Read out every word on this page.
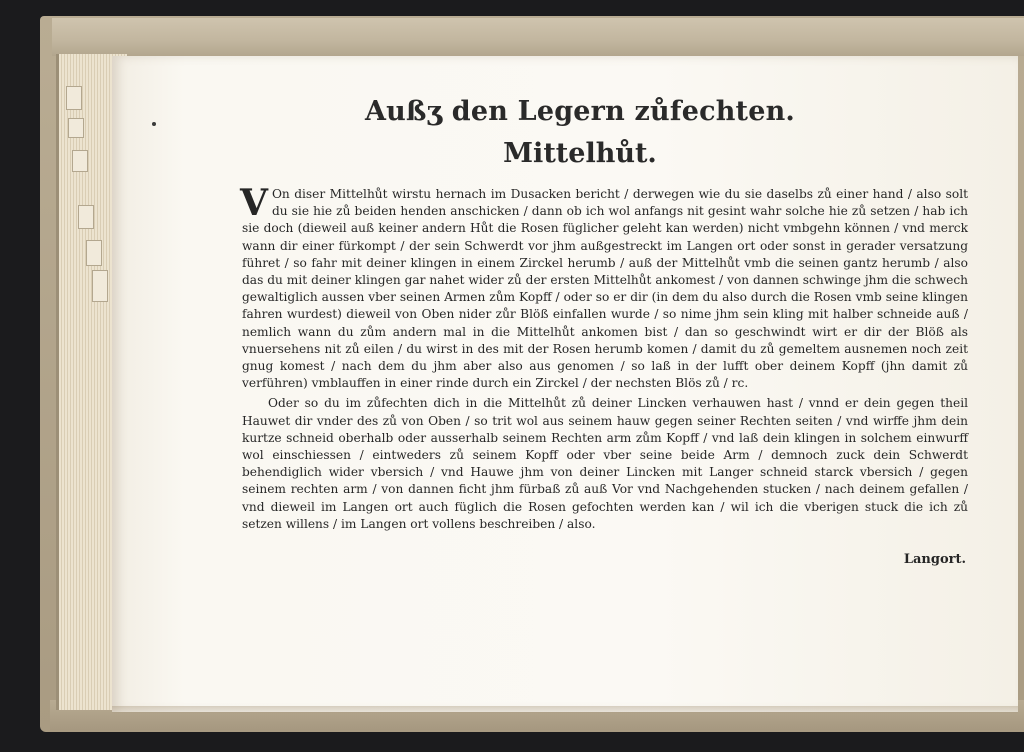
Außʒ den Legern zůfechten.
Mittelhůt.

V On diser Mittelhůt wirstu hernach im Dusacken bericht / derwegen wie du sie daselbs zů einer hand / also solt du sie hie zů beiden henden anschicken / dann ob ich wol anfangs nit gesint wahr solche hie zů setzen / hab ich sie doch (dieweil auß keiner andern Hůt die Rosen füglicher geleht kan werden) nicht vmbgehn können / vnd merck wann dir einer fürkompt / der sein Schwerdt vor jhm außgestreckt im Langen ort oder sonst in gerader versatzung führet / so fahr mit deiner klingen in einem Zirckel herumb / auß der Mittelhůt vmb die seinen gantz herumb / also das du mit deiner klingen gar nahet wider zů der ersten Mittelhůt ankomest / von dannen schwinge jhm die schwech gewaltiglich aussen vber seinen Armen zům Kopff / oder so er dir (in dem du also durch die Rosen vmb seine klingen fahren wurdest) dieweil von Oben nider zůr Blöß einfallen wurde / so nime jhm sein kling mit halber schneide auß / nemlich wann du zům andern mal in die Mittelhůt ankomen bist / dan so geschwindt wirt er dir der Blöß als vnuersehens nit zů eilen / du wirst in des mit der Rosen herumb komen / damit du zů gemeltem ausnemen noch zeit gnug komest / nach dem du jhm aber also aus genomen / so laß in der lufft ober deinem Kopff (jhn damit zů verführen) vmblauffen in einer rinde durch ein Zirckel / der nechsten Blös zů / rc.

Oder so du im zůfechten dich in die Mittelhůt zů deiner Lincken verhauwen hast / vnnd er dein gegen theil Hauwet dir vnder des zů von Oben / so trit wol aus seinem hauw gegen seiner Rechten seiten / vnd wirffe jhm dein kurtze schneid oberhalb oder ausserhalb seinem Rechten arm zům Kopff / vnd laß dein klingen in solchem einwurff wol einschiessen / eintweders zů seinem Kopff oder vber seine beide Arm / demnoch zuck dein Schwerdt behendiglich wider vbersich / vnd Hauwe jhm von deiner Lincken mit Langer schneid starck vbersich / gegen seinem rechten arm / von dannen ficht jhm fürbaß zů auß Vor vnd Nachgehenden stucken / nach deinem gefallen / vnd dieweil im Langen ort auch füglich die Rosen gefochten werden kan / wil ich die vberigen stuck die ich zů setzen willens / im Langen ort vollens beschreiben / also.

Langort.
